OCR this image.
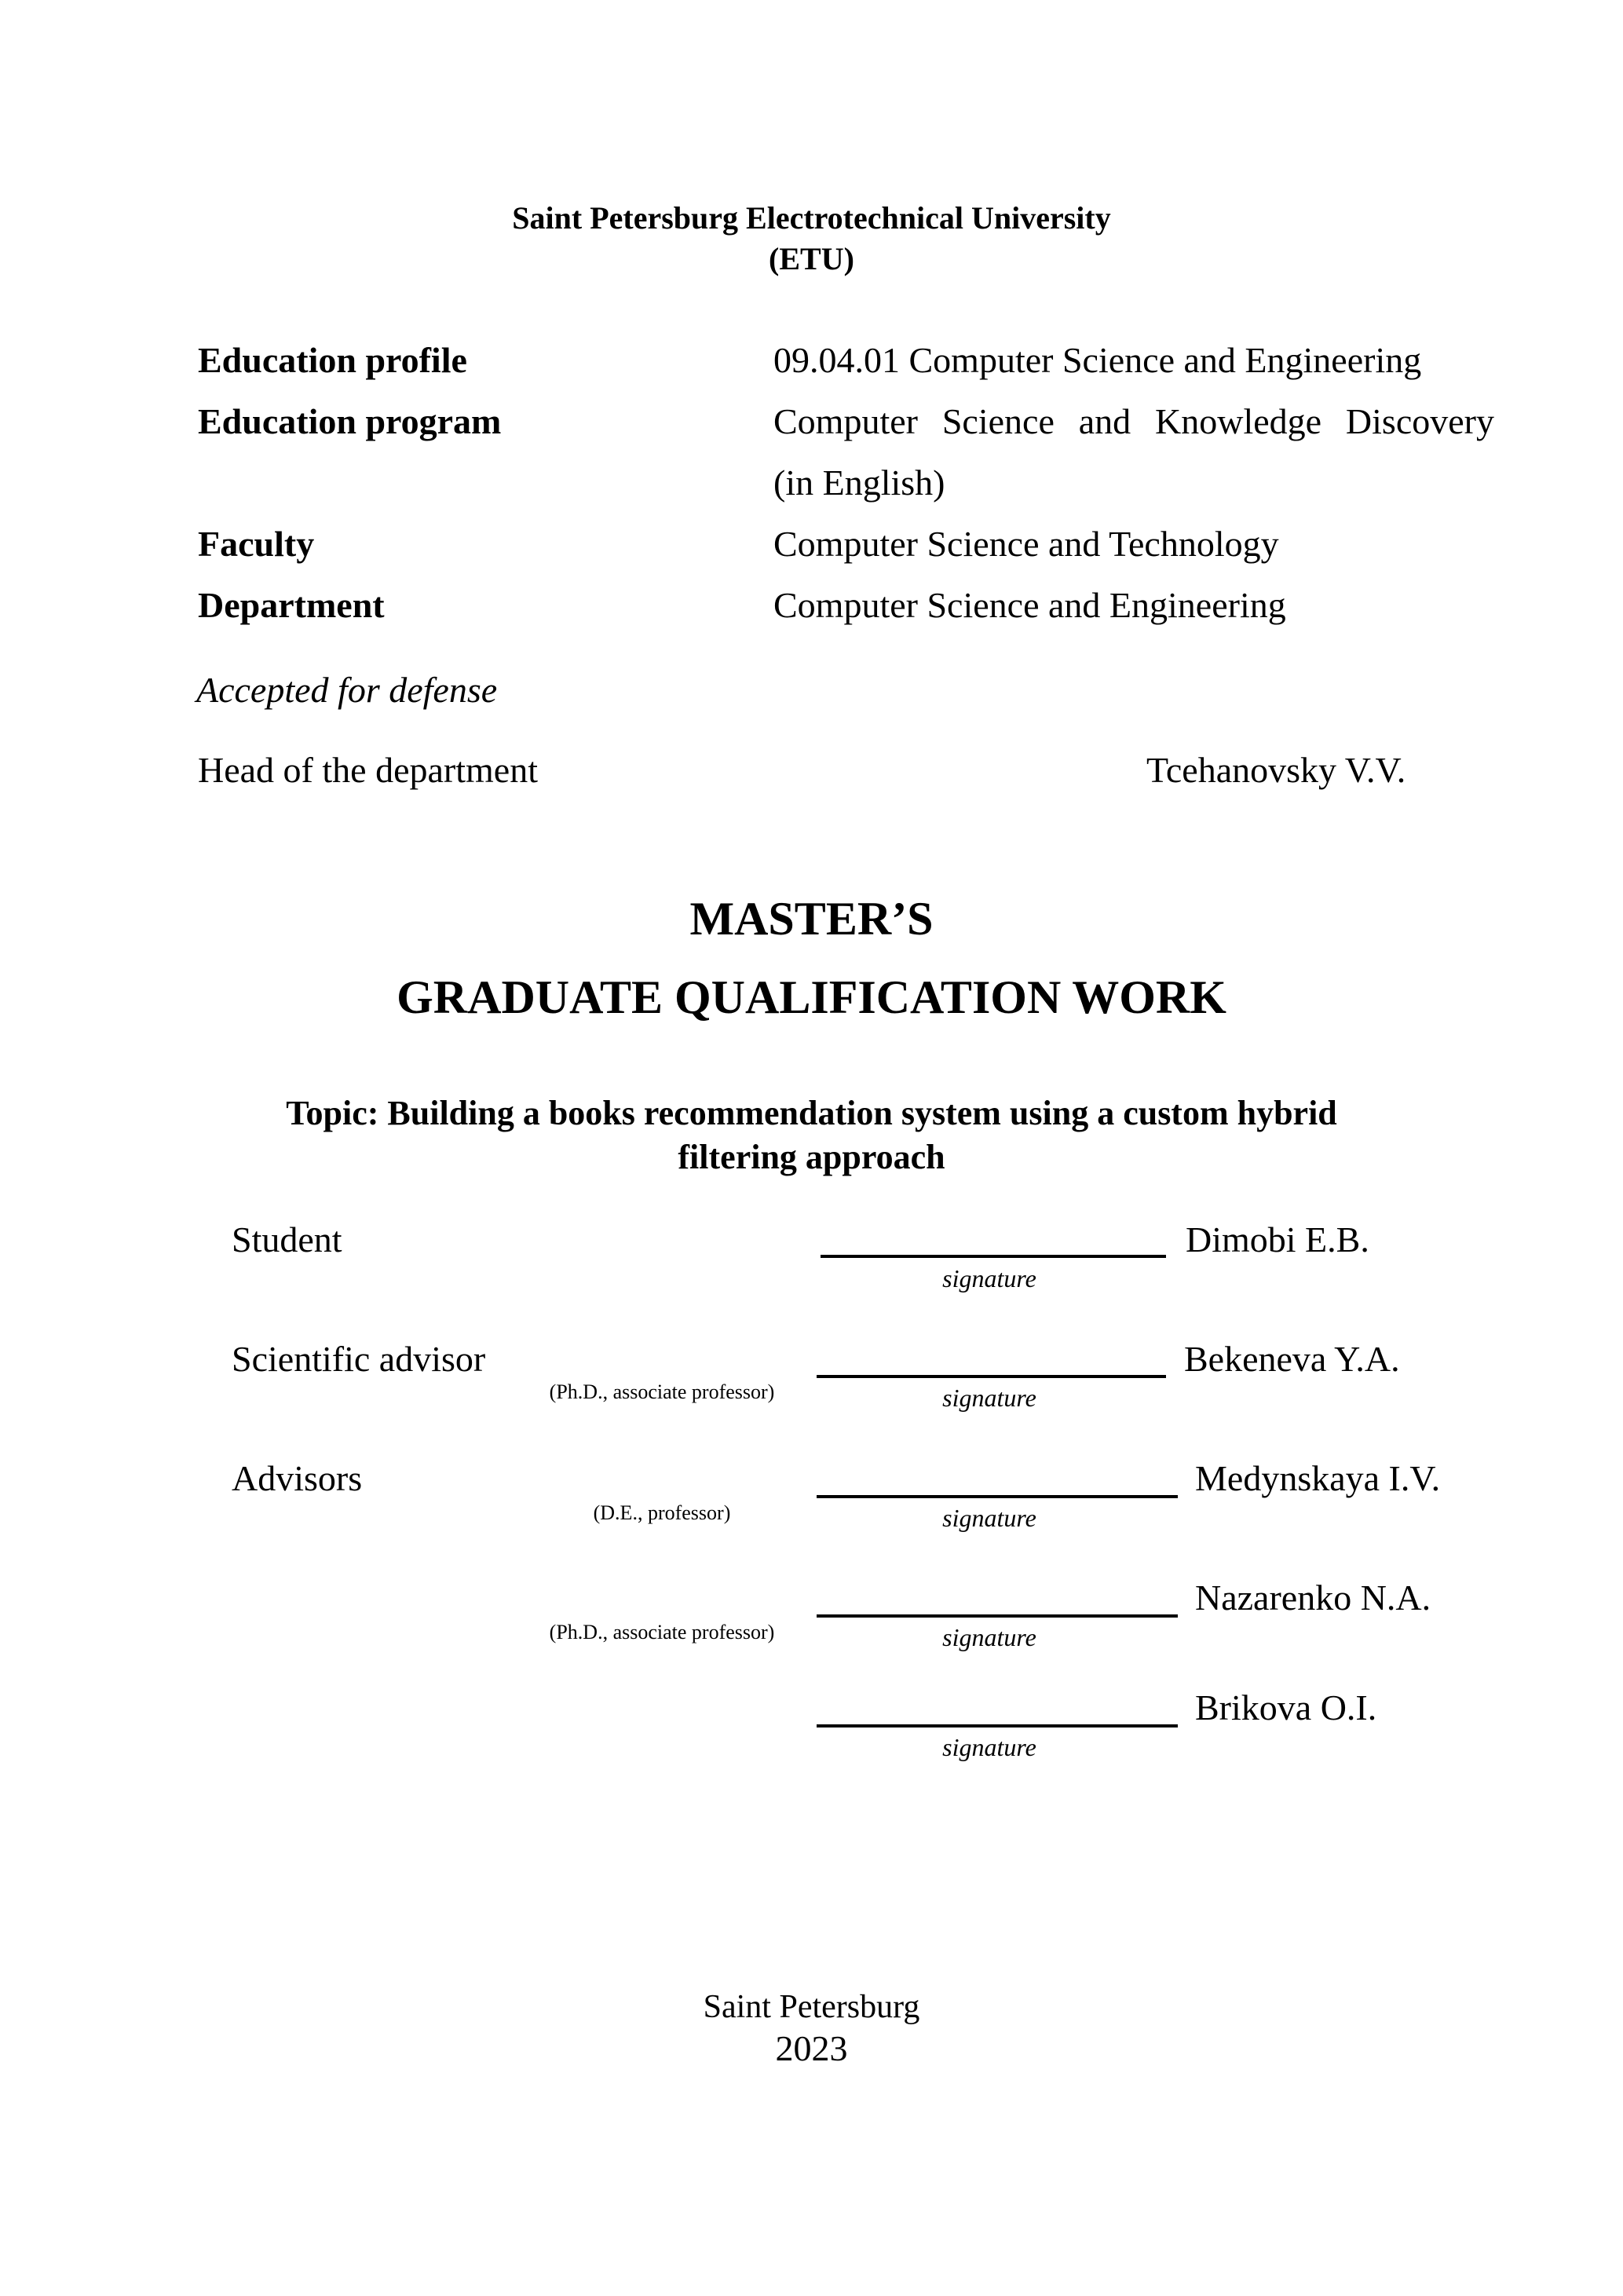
Saint Petersburg Electrotechnical University
(ETU)
Education profile	09.04.01 Computer Science and Engineering
Education program	Computer Science and Knowledge Discovery
(in English)
Faculty	Computer Science and Technology
Department	Computer Science and Engineering
Accepted for defense
Head of the department	Tcehanovsky V.V.
MASTER’S
GRADUATE QUALIFICATION WORK
Topic: Building a books recommendation system using a custom hybrid
filtering approach
Student	Dimobi E.B.
signature
Scientific advisor
(Ph.D., associate professor)
Bekeneva Y.A.
signature
Advisors
(D.E., professor)
Medynskaya I.V.
signature
(Ph.D., associate professor)
Nazarenko N.A.
signature
Brikova O.I.
signature
Saint Petersburg
2023
